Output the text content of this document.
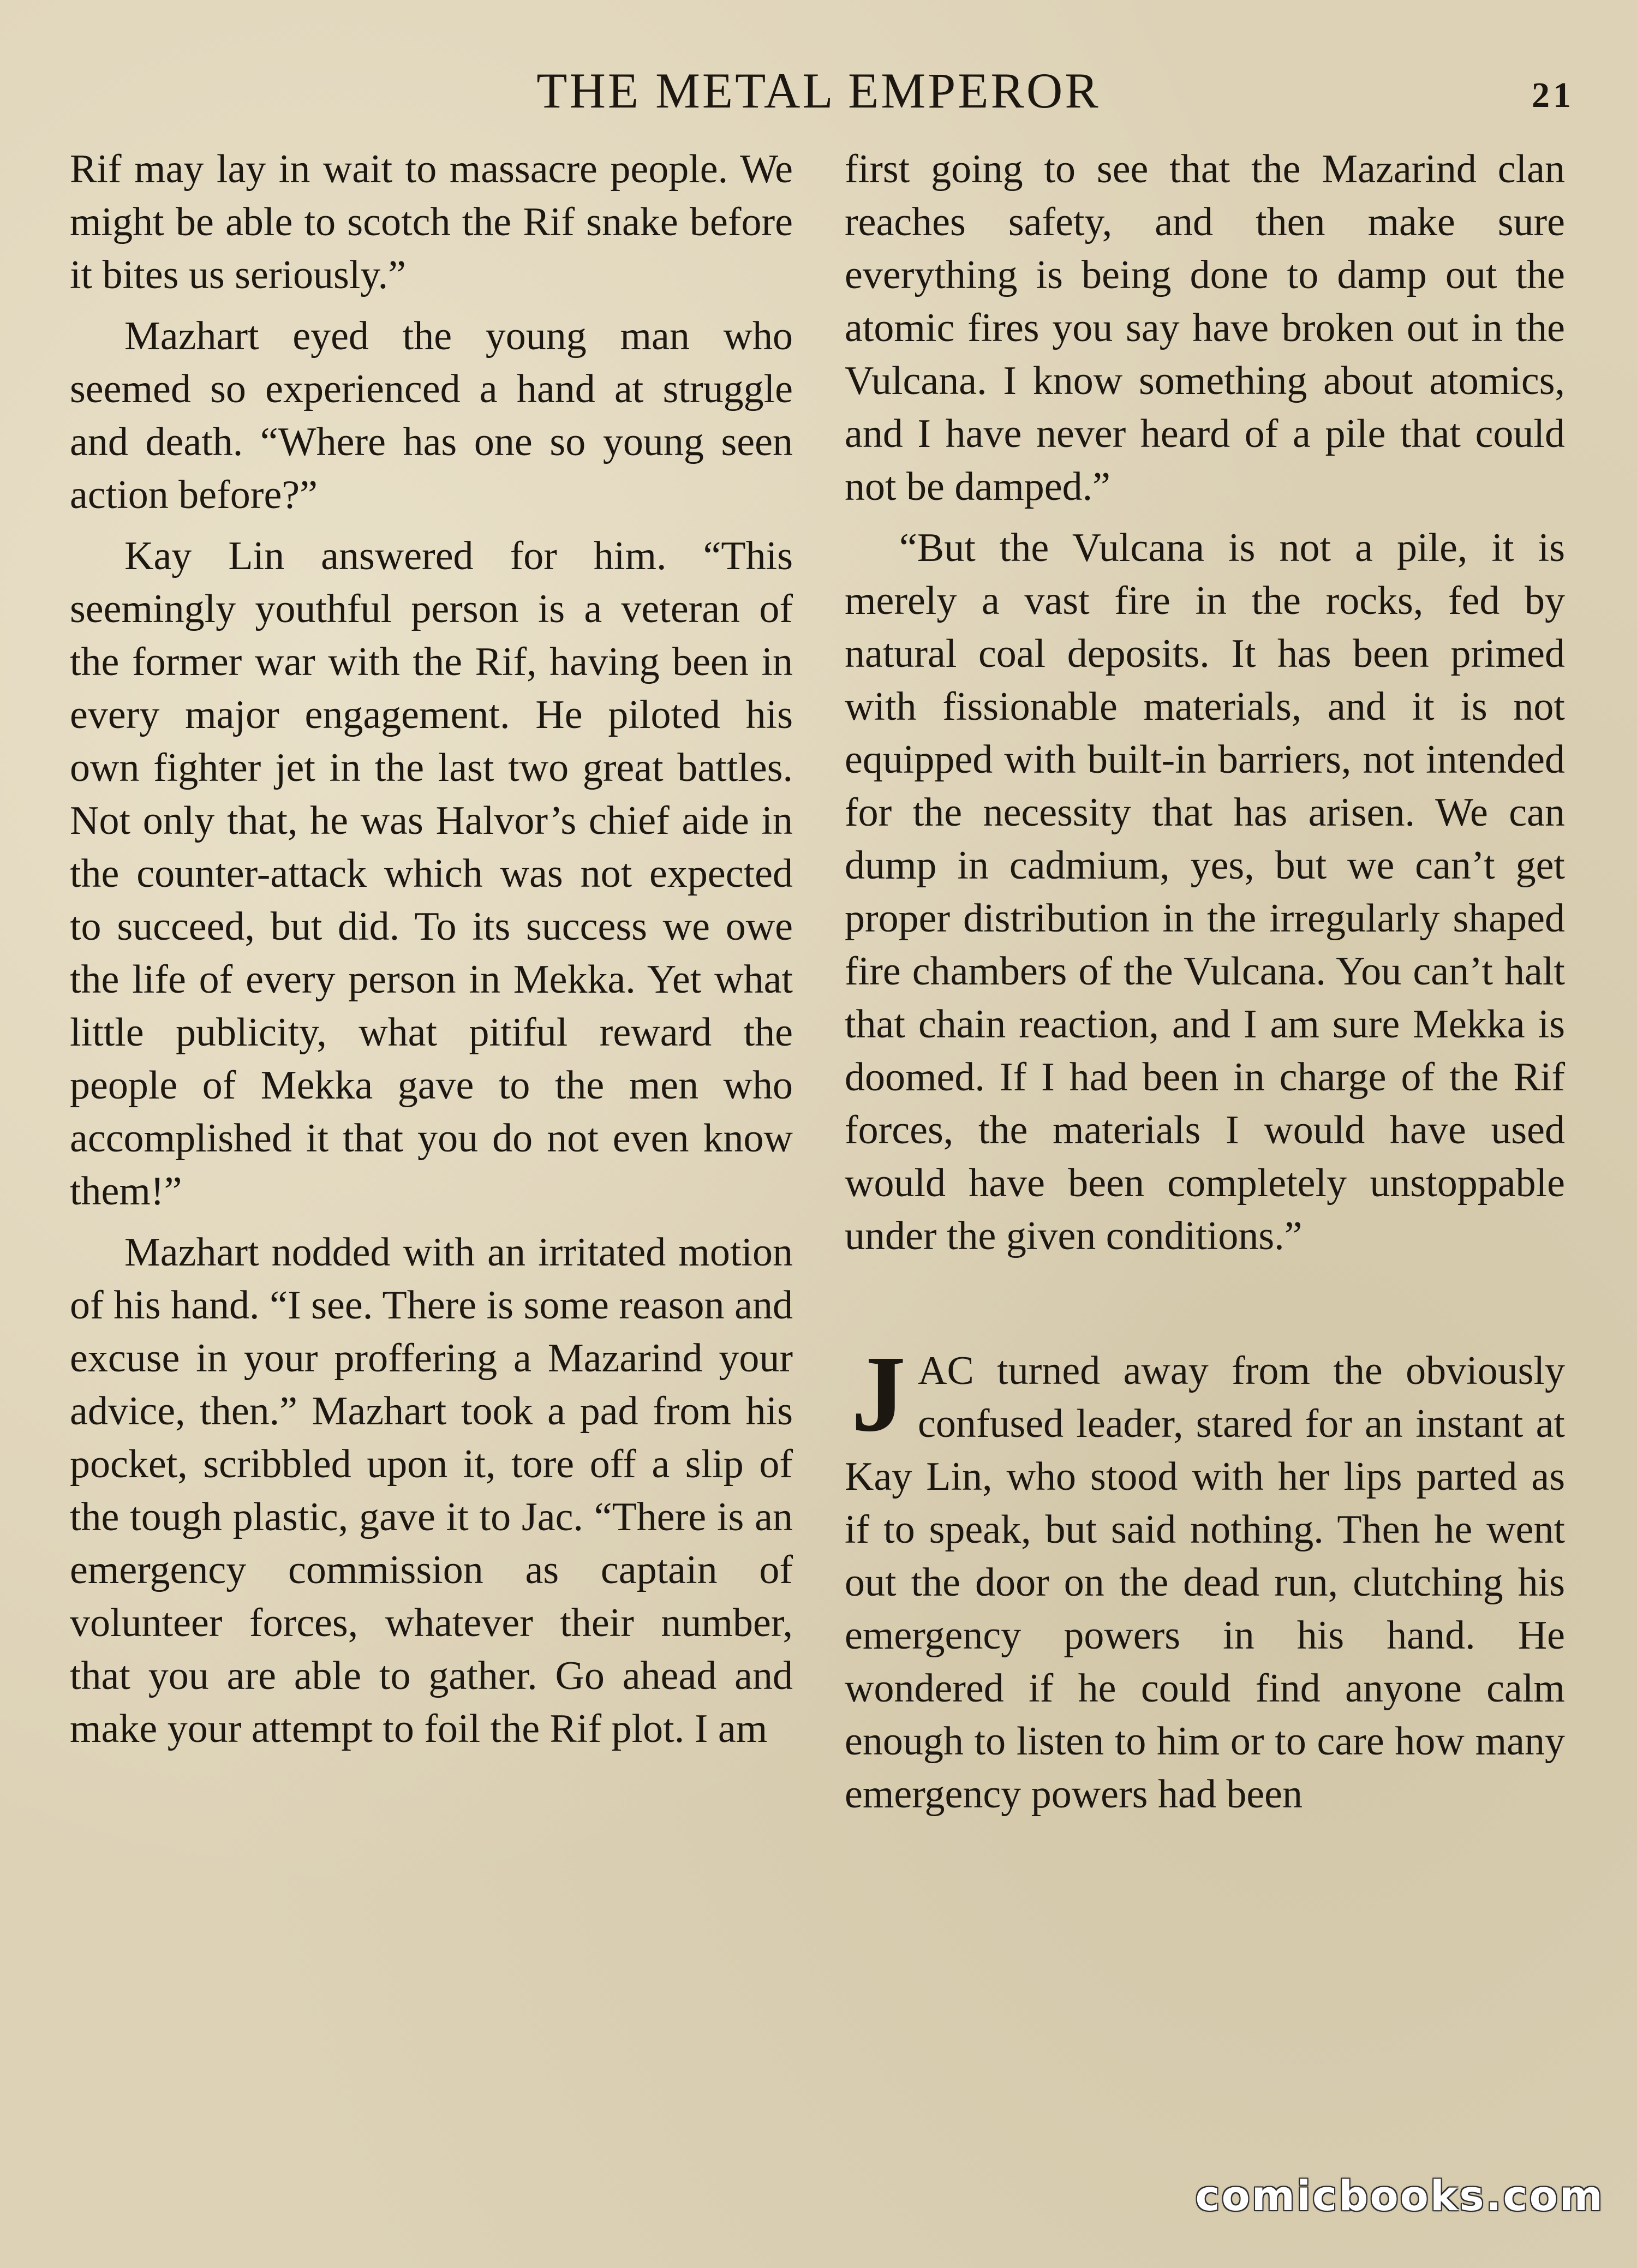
THE METAL EMPEROR	21

Rif may lay in wait to massacre people. We might be able to scotch the Rif snake before it bites us seriously.”

Mazhart eyed the young man who seemed so experienced a hand at struggle and death. “Where has one so young seen action before?”

Kay Lin answered for him. “This seemingly youthful person is a veteran of the former war with the Rif, having been in every major engagement. He piloted his own fighter jet in the last two great battles. Not only that, he was Halvor’s chief aide in the counter-attack which was not expected to succeed, but did. To its success we owe the life of every person in Mekka. Yet what little publicity, what pitiful reward the people of Mekka gave to the men who accomplished it that you do not even know them!”

Mazhart nodded with an irritated motion of his hand. “I see. There is some reason and excuse in your proffering a Mazarind your advice, then.” Mazhart took a pad from his pocket, scribbled upon it, tore off a slip of the tough plastic, gave it to Jac. “There is an emergency commission as captain of volunteer forces, whatever their number, that you are able to gather. Go ahead and make your attempt to foil the Rif plot. I am

first going to see that the Mazarind clan reaches safety, and then make sure everything is being done to damp out the atomic fires you say have broken out in the Vulcana. I know something about atomics, and I have never heard of a pile that could not be damped.”

“But the Vulcana is not a pile, it is merely a vast fire in the rocks, fed by natural coal deposits. It has been primed with fissionable materials, and it is not equipped with built-in barriers, not intended for the necessity that has arisen. We can dump in cadmium, yes, but we can’t get proper distribution in the irregularly shaped fire chambers of the Vulcana. You can’t halt that chain reaction, and I am sure Mekka is doomed. If I had been in charge of the Rif forces, the materials I would have used would have been completely unstoppable under the given conditions.”

JAC turned away from the obviously confused leader, stared for an instant at Kay Lin, who stood with her lips parted as if to speak, but said nothing. Then he went out the door on the dead run, clutching his emergency powers in his hand. He wondered if he could find anyone calm enough to listen to him or to care how many emergency powers had been

comicbooks.com
